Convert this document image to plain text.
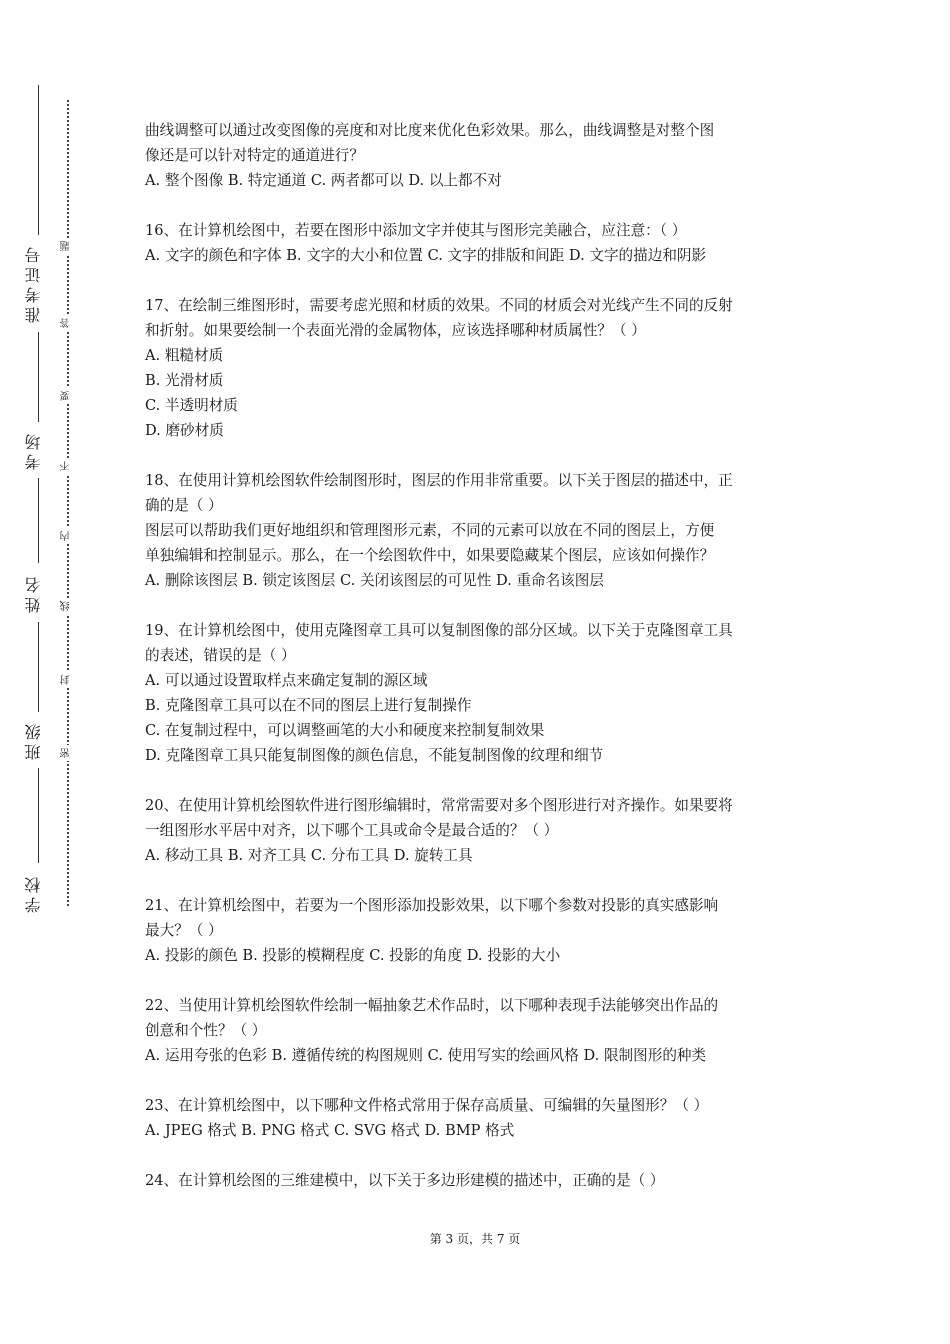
准考证号
考场
姓名
班级
学校
题
答
要
不
内
线
封
密
曲线调整可以通过改变图像的亮度和对比度来优化色彩效果。那么，曲线调整是对整个图
像还是可以针对特定的通道进行？
A. 整个图像 B. 特定通道 C. 两者都可以 D. 以上都不对
16、在计算机绘图中，若要在图形中添加文字并使其与图形完美融合，应注意：（ ）
A. 文字的颜色和字体 B. 文字的大小和位置 C. 文字的排版和间距 D. 文字的描边和阴影
17、在绘制三维图形时，需要考虑光照和材质的效果。不同的材质会对光线产生不同的反射
和折射。如果要绘制一个表面光滑的金属物体，应该选择哪种材质属性？（ ）
A. 粗糙材质
B. 光滑材质
C. 半透明材质
D. 磨砂材质
18、在使用计算机绘图软件绘制图形时，图层的作用非常重要。以下关于图层的描述中，正
确的是（ ）
图层可以帮助我们更好地组织和管理图形元素，不同的元素可以放在不同的图层上，方便
单独编辑和控制显示。那么，在一个绘图软件中，如果要隐藏某个图层，应该如何操作？
A. 删除该图层 B. 锁定该图层 C. 关闭该图层的可见性 D. 重命名该图层
19、在计算机绘图中，使用克隆图章工具可以复制图像的部分区域。以下关于克隆图章工具
的表述，错误的是（ ）
A. 可以通过设置取样点来确定复制的源区域
B. 克隆图章工具可以在不同的图层上进行复制操作
C. 在复制过程中，可以调整画笔的大小和硬度来控制复制效果
D. 克隆图章工具只能复制图像的颜色信息，不能复制图像的纹理和细节
20、在使用计算机绘图软件进行图形编辑时，常常需要对多个图形进行对齐操作。如果要将
一组图形水平居中对齐，以下哪个工具或命令是最合适的？（ ）
A. 移动工具 B. 对齐工具 C. 分布工具 D. 旋转工具
21、在计算机绘图中，若要为一个图形添加投影效果，以下哪个参数对投影的真实感影响
最大？（ ）
A. 投影的颜色 B. 投影的模糊程度 C. 投影的角度 D. 投影的大小
22、当使用计算机绘图软件绘制一幅抽象艺术作品时，以下哪种表现手法能够突出作品的
创意和个性？（ ）
A. 运用夸张的色彩 B. 遵循传统的构图规则 C. 使用写实的绘画风格 D. 限制图形的种类
23、在计算机绘图中，以下哪种文件格式常用于保存高质量、可编辑的矢量图形？（ ）
A. JPEG 格式 B. PNG 格式 C. SVG 格式 D. BMP 格式
24、在计算机绘图的三维建模中，以下关于多边形建模的描述中，正确的是（ ）
第 3 页，共 7 页
